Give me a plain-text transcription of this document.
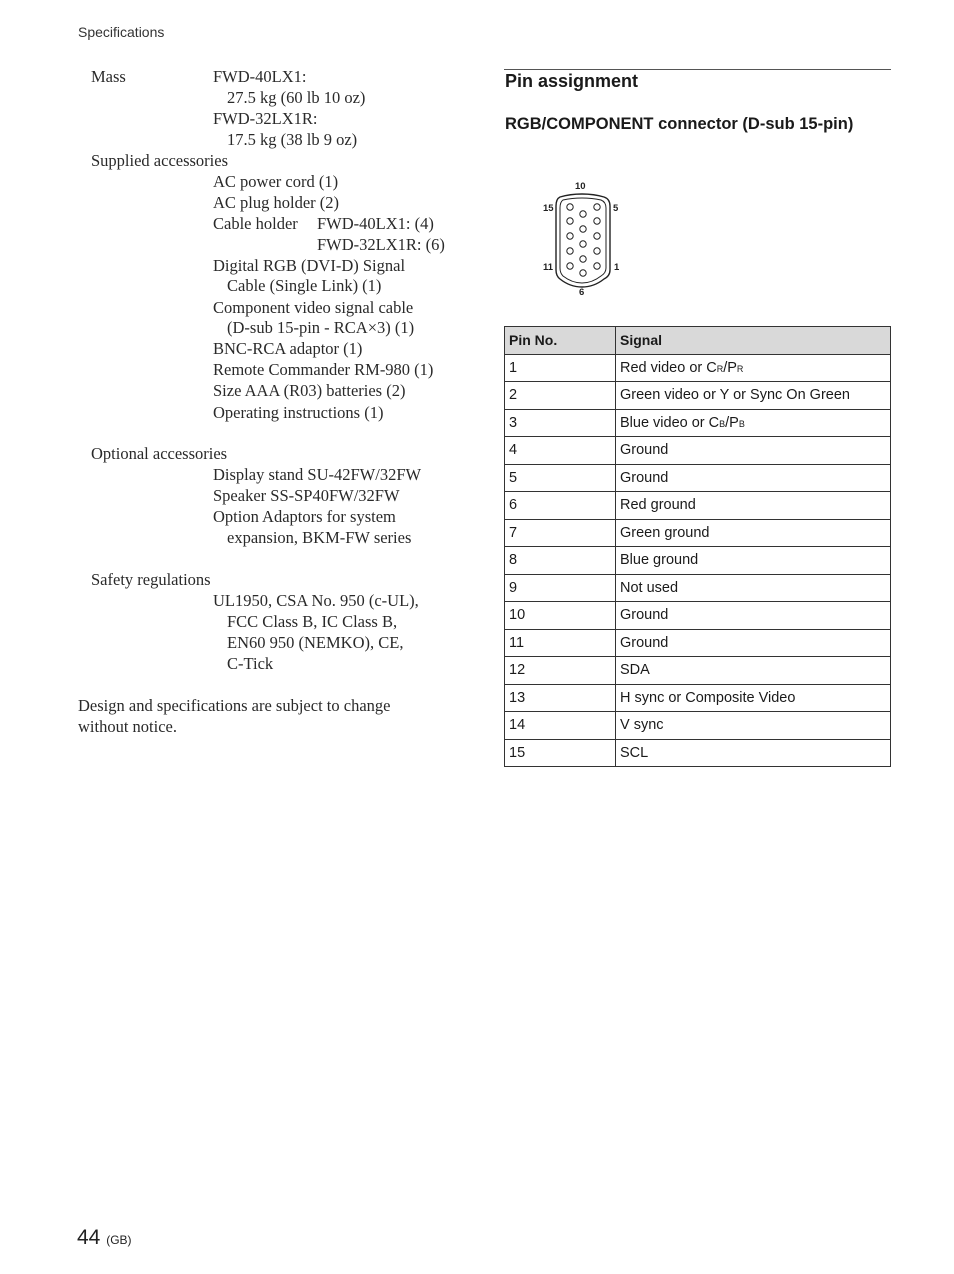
Specifications
Mass	FWD-40LX1:
27.5 kg (60 lb 10 oz)
FWD-32LX1R:
17.5 kg (38 lb 9 oz)
Supplied accessories
AC power cord (1)
AC plug holder (2)
Cable holder FWD-40LX1: (4)
FWD-32LX1R: (6)
Digital RGB (DVI-D) Signal
Cable (Single Link) (1)
Component video signal cable
(D-sub 15-pin - RCA×3) (1)
BNC-RCA adaptor (1)
Remote Commander RM-980 (1)
Size AAA (R03) batteries (2)
Operating instructions (1)
Optional accessories
Display stand SU-42FW/32FW
Speaker SS-SP40FW/32FW
Option Adaptors for system
expansion, BKM-FW series
Safety regulations
UL1950, CSA No. 950 (c-UL),
FCC Class B, IC Class B,
EN60 950 (NEMKO), CE,
C-Tick
Design and specifications are subject to change without notice.
Pin assignment
RGB/COMPONENT connector (D-sub 15-pin)
10
15	5
11	1
6
Pin No.	Signal
1	Red video or CR/PR
2	Green video or Y or Sync On Green
3	Blue video or CB/PB
4	Ground
5	Ground
6	Red ground
7	Green ground
8	Blue ground
9	Not used
10	Ground
11	Ground
12	SDA
13	H sync or Composite Video
14	V sync
15	SCL
44 (GB)
